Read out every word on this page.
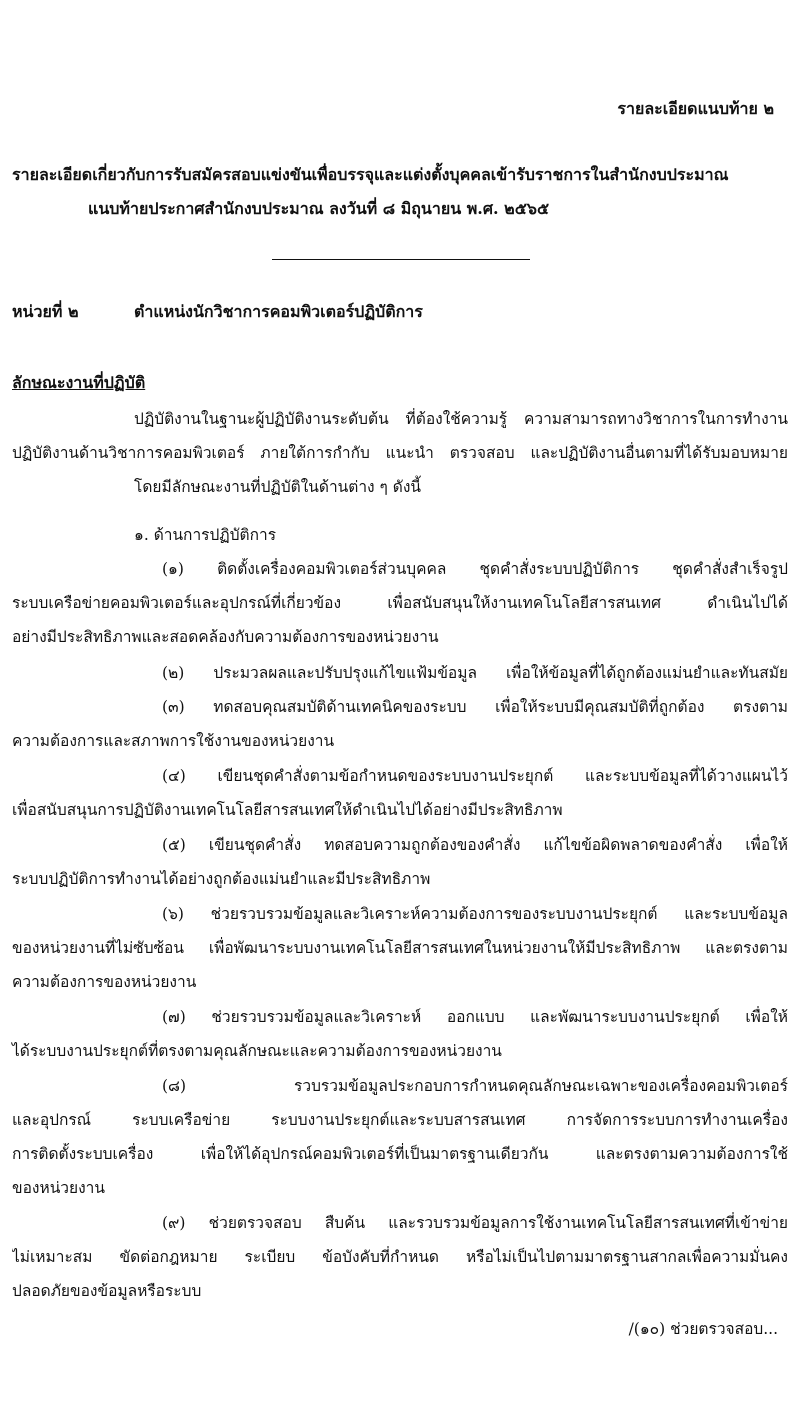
รายละเอียดแนบท้าย ๒
รายละเอียดเกี่ยวกับการรับสมัครสอบแข่งขันเพื่อบรรจุและแต่งตั้งบุคคลเข้ารับราชการในสำนักงบประมาณ
แนบท้ายประกาศสำนักงบประมาณ ลงวันที่ ๘ มิถุนายน พ.ศ. ๒๕๖๕
หน่วยที่ ๒	ตำแหน่งนักวิชาการคอมพิวเตอร์ปฏิบัติการ
ลักษณะงานที่ปฏิบัติ
ปฏิบัติงานในฐานะผู้ปฏิบัติงานระดับต้น ที่ต้องใช้ความรู้ ความสามารถทางวิชาการในการทำงาน
ปฏิบัติงานด้านวิชาการคอมพิวเตอร์ ภายใต้การกำกับ แนะนำ ตรวจสอบ และปฏิบัติงานอื่นตามที่ได้รับมอบหมาย
โดยมีลักษณะงานที่ปฏิบัติในด้านต่าง ๆ ดังนี้
๑. ด้านการปฏิบัติการ
(๑) ติดตั้งเครื่องคอมพิวเตอร์ส่วนบุคคล ชุดคำสั่งระบบปฏิบัติการ ชุดคำสั่งสำเร็จรูป
ระบบเครือข่ายคอมพิวเตอร์และอุปกรณ์ที่เกี่ยวข้อง เพื่อสนับสนุนให้งานเทคโนโลยีสารสนเทศ ดำเนินไปได้
อย่างมีประสิทธิภาพและสอดคล้องกับความต้องการของหน่วยงาน
(๒) ประมวลผลและปรับปรุงแก้ไขแฟ้มข้อมูล เพื่อให้ข้อมูลที่ได้ถูกต้องแม่นยำและทันสมัย
(๓) ทดสอบคุณสมบัติด้านเทคนิคของระบบ เพื่อให้ระบบมีคุณสมบัติที่ถูกต้อง ตรงตาม
ความต้องการและสภาพการใช้งานของหน่วยงาน
(๔) เขียนชุดคำสั่งตามข้อกำหนดของระบบงานประยุกต์ และระบบข้อมูลที่ได้วางแผนไว้
เพื่อสนับสนุนการปฏิบัติงานเทคโนโลยีสารสนเทศให้ดำเนินไปได้อย่างมีประสิทธิภาพ
(๕) เขียนชุดคำสั่ง ทดสอบความถูกต้องของคำสั่ง แก้ไขข้อผิดพลาดของคำสั่ง เพื่อให้
ระบบปฏิบัติการทำงานได้อย่างถูกต้องแม่นยำและมีประสิทธิภาพ
(๖) ช่วยรวบรวมข้อมูลและวิเคราะห์ความต้องการของระบบงานประยุกต์ และระบบข้อมูล
ของหน่วยงานที่ไม่ซับซ้อน เพื่อพัฒนาระบบงานเทคโนโลยีสารสนเทศในหน่วยงานให้มีประสิทธิภาพ และตรงตาม
ความต้องการของหน่วยงาน
(๗) ช่วยรวบรวมข้อมูลและวิเคราะห์ ออกแบบ และพัฒนาระบบงานประยุกต์ เพื่อให้
ได้ระบบงานประยุกต์ที่ตรงตามคุณลักษณะและความต้องการของหน่วยงาน
(๘) รวบรวมข้อมูลประกอบการกำหนดคุณลักษณะเฉพาะของเครื่องคอมพิวเตอร์
และอุปกรณ์ ระบบเครือข่าย ระบบงานประยุกต์และระบบสารสนเทศ การจัดการระบบการทำงานเครื่อง
การติดตั้งระบบเครื่อง เพื่อให้ได้อุปกรณ์คอมพิวเตอร์ที่เป็นมาตรฐานเดียวกัน และตรงตามความต้องการใช้
ของหน่วยงาน
(๙) ช่วยตรวจสอบ สืบค้น และรวบรวมข้อมูลการใช้งานเทคโนโลยีสารสนเทศที่เข้าข่าย
ไม่เหมาะสม ขัดต่อกฎหมาย ระเบียบ ข้อบังคับที่กำหนด หรือไม่เป็นไปตามมาตรฐานสากลเพื่อความมั่นคง
ปลอดภัยของข้อมูลหรือระบบ
/(๑๐) ช่วยตรวจสอบ...
